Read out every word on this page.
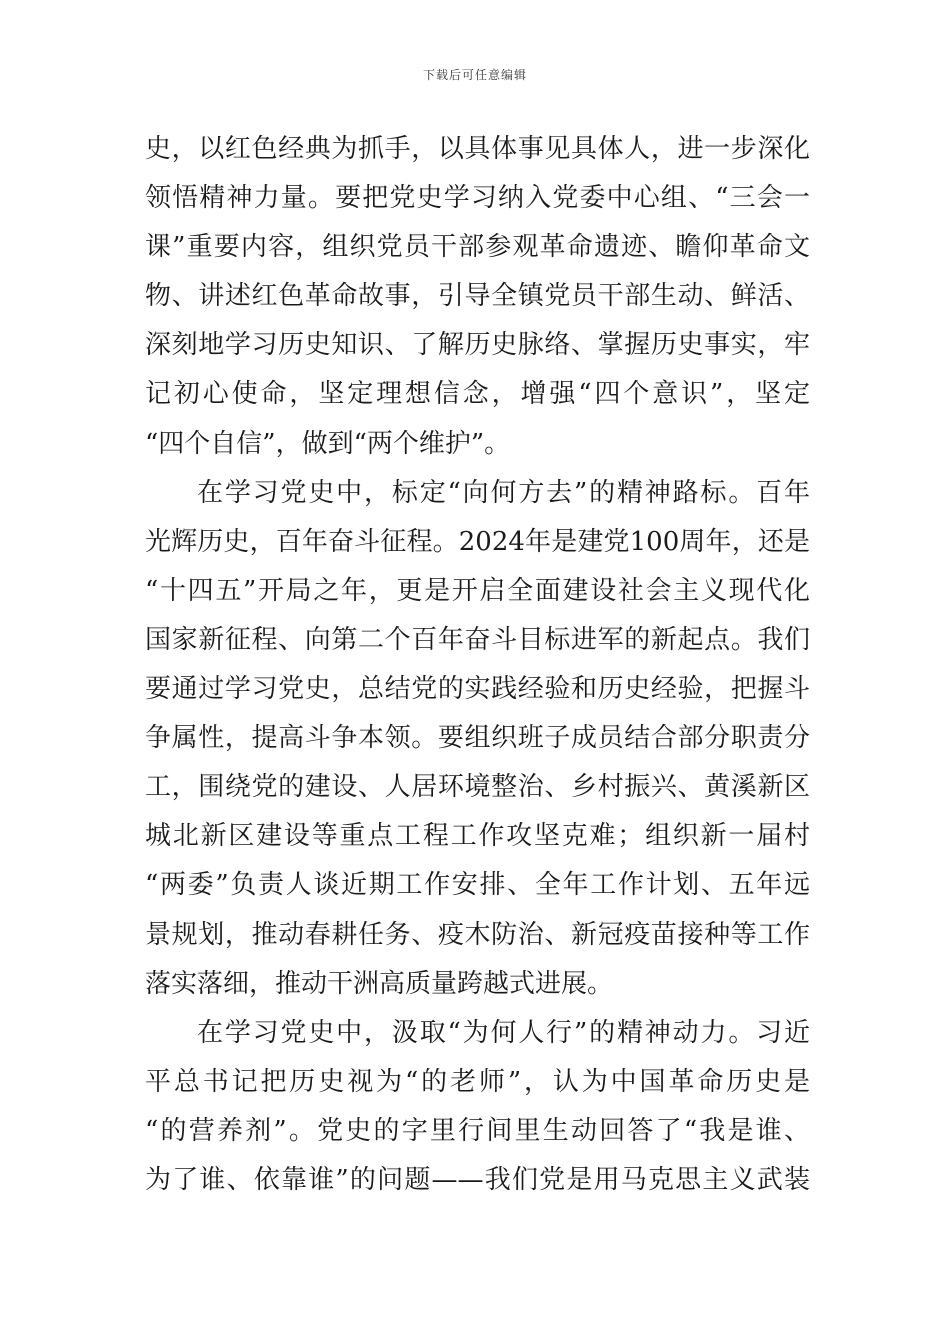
下载后可任意编辑
史，以红色经典为抓手，以具体事见具体人，进一步深化
领悟精神力量。要把党史学习纳入党委中心组、“三会一
课”重要内容，组织党员干部参观革命遗迹、瞻仰革命文
物、讲述红色革命故事，引导全镇党员干部生动、鲜活、
深刻地学习历史知识、了解历史脉络、掌握历史事实，牢
记初心使命，坚定理想信念，增强“四个意识”，坚定
“四个自信”，做到“两个维护”。
在学习党史中，标定“向何方去”的精神路标。百年
光辉历史，百年奋斗征程。2024年是建党100周年，还是
“十四五”开局之年，更是开启全面建设社会主义现代化
国家新征程、向第二个百年奋斗目标进军的新起点。我们
要通过学习党史，总结党的实践经验和历史经验，把握斗
争属性，提高斗争本领。要组织班子成员结合部分职责分
工，围绕党的建设、人居环境整治、乡村振兴、黄溪新区
城北新区建设等重点工程工作攻坚克难；组织新一届村
“两委”负责人谈近期工作安排、全年工作计划、五年远
景规划，推动春耕任务、疫木防治、新冠疫苗接种等工作
落实落细，推动干洲高质量跨越式进展。
在学习党史中，汲取“为何人行”的精神动力。习近
平总书记把历史视为“的老师”，认为中国革命历史是
“的营养剂”。党史的字里行间里生动回答了“我是谁、
为了谁、依靠谁”的问题——我们党是用马克思主义武装
